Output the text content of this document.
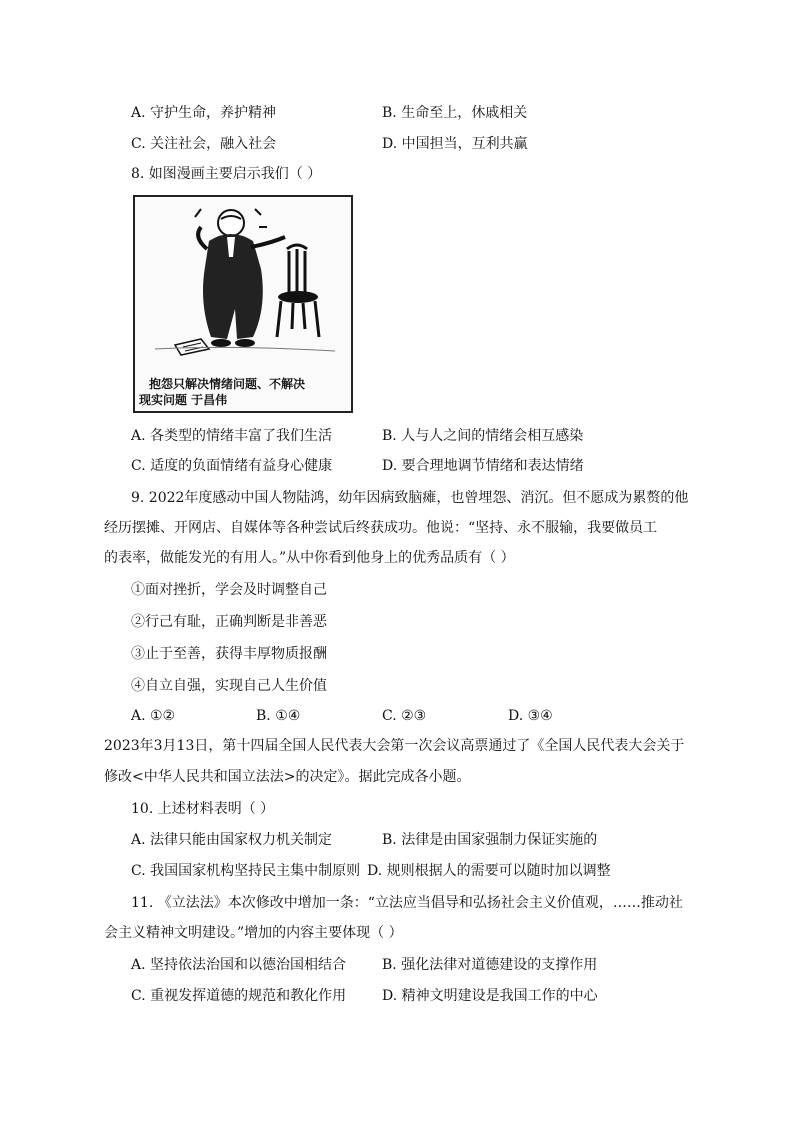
A. 守护生命，养护精神	B. 生命至上，休戚相关
C. 关注社会，融入社会	D. 中国担当，互利共赢
8. 如图漫画主要启示我们（ ）
抱怨只解决情绪问题、不解决
现实问题 于昌伟
A. 各类型的情绪丰富了我们生活	B. 人与人之间的情绪会相互感染
C. 适度的负面情绪有益身心健康	D. 要合理地调节情绪和表达情绪
9. 2022年度感动中国人物陆鸿，幼年因病致脑瘫，也曾埋怨、消沉。但不愿成为累赘的他
经历摆摊、开网店、自媒体等各种尝试后终获成功。他说：“坚持、永不服输，我要做员工
的表率，做能发光的有用人。”从中你看到他身上的优秀品质有（ ）
①面对挫折，学会及时调整自己
②行己有耻，正确判断是非善恶
③止于至善，获得丰厚物质报酬
④自立自强，实现自己人生价值
A. ①②	B. ①④	C. ②③	D. ③④
2023年3月13日，第十四届全国人民代表大会第一次会议高票通过了《全国人民代表大会关于
修改<中华人民共和国立法法>的决定》。据此完成各小题。
10. 上述材料表明（ ）
A. 法律只能由国家权力机关制定	B. 法律是由国家强制力保证实施的
C. 我国国家机构坚持民主集中制原则 D. 规则根据人的需要可以随时加以调整
11. 《立法法》本次修改中增加一条：“立法应当倡导和弘扬社会主义价值观，……推动社
会主义精神文明建设。”增加的内容主要体现（ ）
A. 坚持依法治国和以德治国相结合	B. 强化法律对道德建设的支撑作用
C. 重视发挥道德的规范和教化作用	D. 精神文明建设是我国工作的中心
